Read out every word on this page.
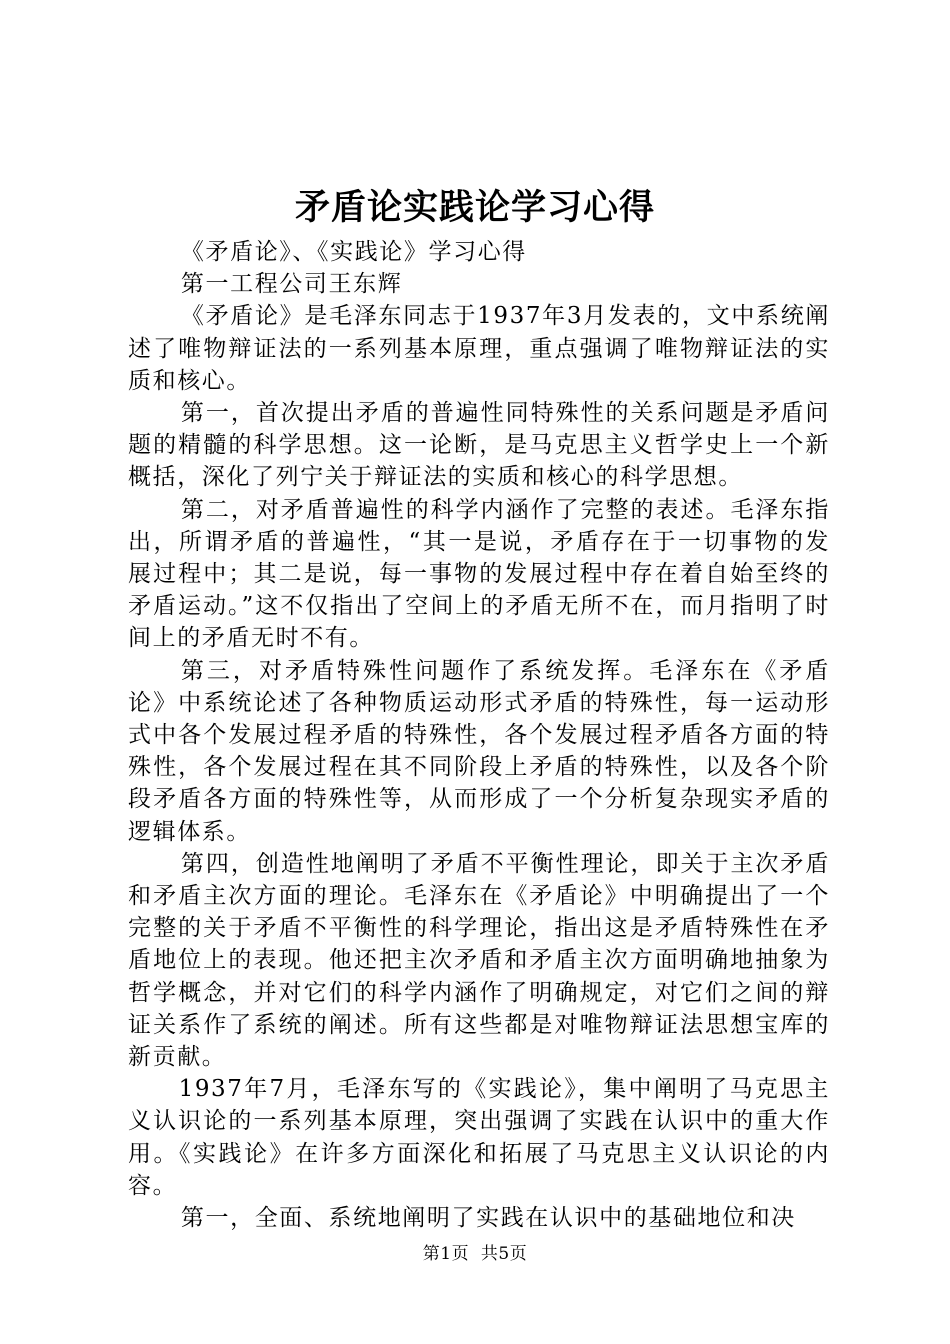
矛盾论实践论学习心得

《矛盾论》、《实践论》学习心得

第一工程公司王东辉

《矛盾论》是毛泽东同志于1937年3月发表的，文中系统阐述了唯物辩证法的一系列基本原理，重点强调了唯物辩证法的实质和核心。

第一，首次提出矛盾的普遍性同特殊性的关系问题是矛盾问题的精髓的科学思想。这一论断，是马克思主义哲学史上一个新概括，深化了列宁关于辩证法的实质和核心的科学思想。

第二，对矛盾普遍性的科学内涵作了完整的表述。毛泽东指出，所谓矛盾的普遍性，“其一是说，矛盾存在于一切事物的发展过程中；其二是说，每一事物的发展过程中存在着自始至终的矛盾运动。”这不仅指出了空间上的矛盾无所不在，而月指明了时间上的矛盾无时不有。

第三，对矛盾特殊性问题作了系统发挥。毛泽东在《矛盾论》中系统论述了各种物质运动形式矛盾的特殊性，每一运动形式中各个发展过程矛盾的特殊性，各个发展过程矛盾各方面的特殊性，各个发展过程在其不同阶段上矛盾的特殊性，以及各个阶段矛盾各方面的特殊性等，从而形成了一个分析复杂现实矛盾的逻辑体系。

第四，创造性地阐明了矛盾不平衡性理论，即关于主次矛盾和矛盾主次方面的理论。毛泽东在《矛盾论》中明确提出了一个完整的关于矛盾不平衡性的科学理论，指出这是矛盾特殊性在矛盾地位上的表现。他还把主次矛盾和矛盾主次方面明确地抽象为哲学概念，并对它们的科学内涵作了明确规定，对它们之间的辩证关系作了系统的阐述。所有这些都是对唯物辩证法思想宝库的新贡献。

1937年7月，毛泽东写的《实践论》，集中阐明了马克思主义认识论的一系列基本原理，突出强调了实践在认识中的重大作用。《实践论》在许多方面深化和拓展了马克思主义认识论的内容。

第一，全面、系统地阐明了实践在认识中的基础地位和决

第1页  共5页
